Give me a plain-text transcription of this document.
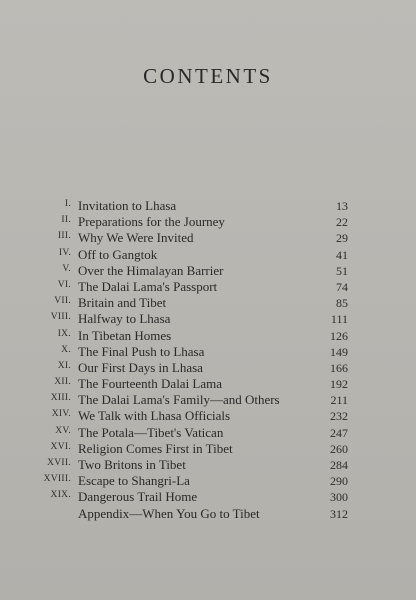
CONTENTS
I. Invitation to Lhasa	13
II. Preparations for the Journey	22
III. Why We Were Invited	29
IV. Off to Gangtok	41
V. Over the Himalayan Barrier	51
VI. The Dalai Lama's Passport	74
VII. Britain and Tibet	85
VIII. Halfway to Lhasa	111
IX. In Tibetan Homes	126
X. The Final Push to Lhasa	149
XI. Our First Days in Lhasa	166
XII. The Fourteenth Dalai Lama	192
XIII. The Dalai Lama's Family—and Others	211
XIV. We Talk with Lhasa Officials	232
XV. The Potala—Tibet's Vatican	247
XVI. Religion Comes First in Tibet	260
XVII. Two Britons in Tibet	284
XVIII. Escape to Shangri-La	290
XIX. Dangerous Trail Home	300
Appendix—When You Go to Tibet	312
